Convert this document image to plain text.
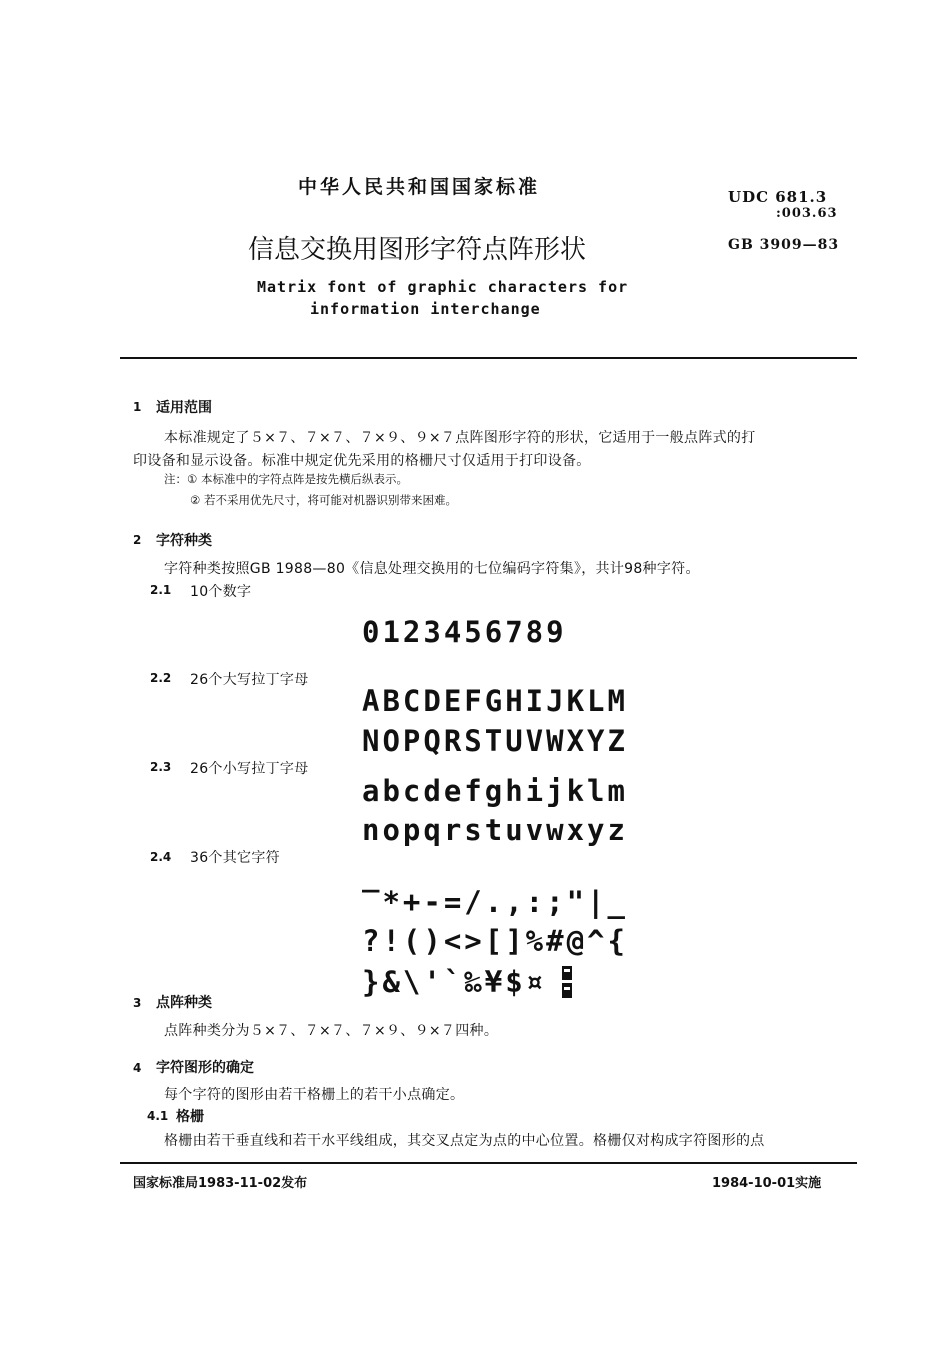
中华人民共和国国家标准	UDC 681.3
:003.63
信息交换用图形字符点阵形状	GB 3909—83
Matrix font of graphic characters for
information interchange
1 适用范围
本标准规定了５×７、７×７、７×９、９×７点阵图形字符的形状，它适用于一般点阵式的打
印设备和显示设备。标准中规定优先采用的格栅尺寸仅适用于打印设备。
注：① 本标准中的字符点阵是按先横后纵表示。
② 若不采用优先尺寸，将可能对机器识别带来困难。
2 字符种类
字符种类按照GB 1988—80《信息处理交换用的七位编码字符集》，共计98种字符。
2.1 10个数字
0123456789
2.2 26个大写拉丁字母
ABCDEFGHIJKLM
NOPQRSTUVWXYZ
2.3 26个小写拉丁字母
abcdefghijklm
nopqrstuvwxyz
2.4 36个其它字符
‾*+-=/.,:;"|_
?!()<>[]%#@^{
}&\'`‰¥$¤
3 点阵种类
点阵种类分为５×７、７×７、７×９、９×７四种。
4 字符图形的确定
每个字符的图形由若干格栅上的若干小点确定。
4.1 格栅
格栅由若干垂直线和若干水平线组成，其交叉点定为点的中心位置。格栅仅对构成字符图形的点
国家标准局1983-11-02发布	1984-10-01实施
